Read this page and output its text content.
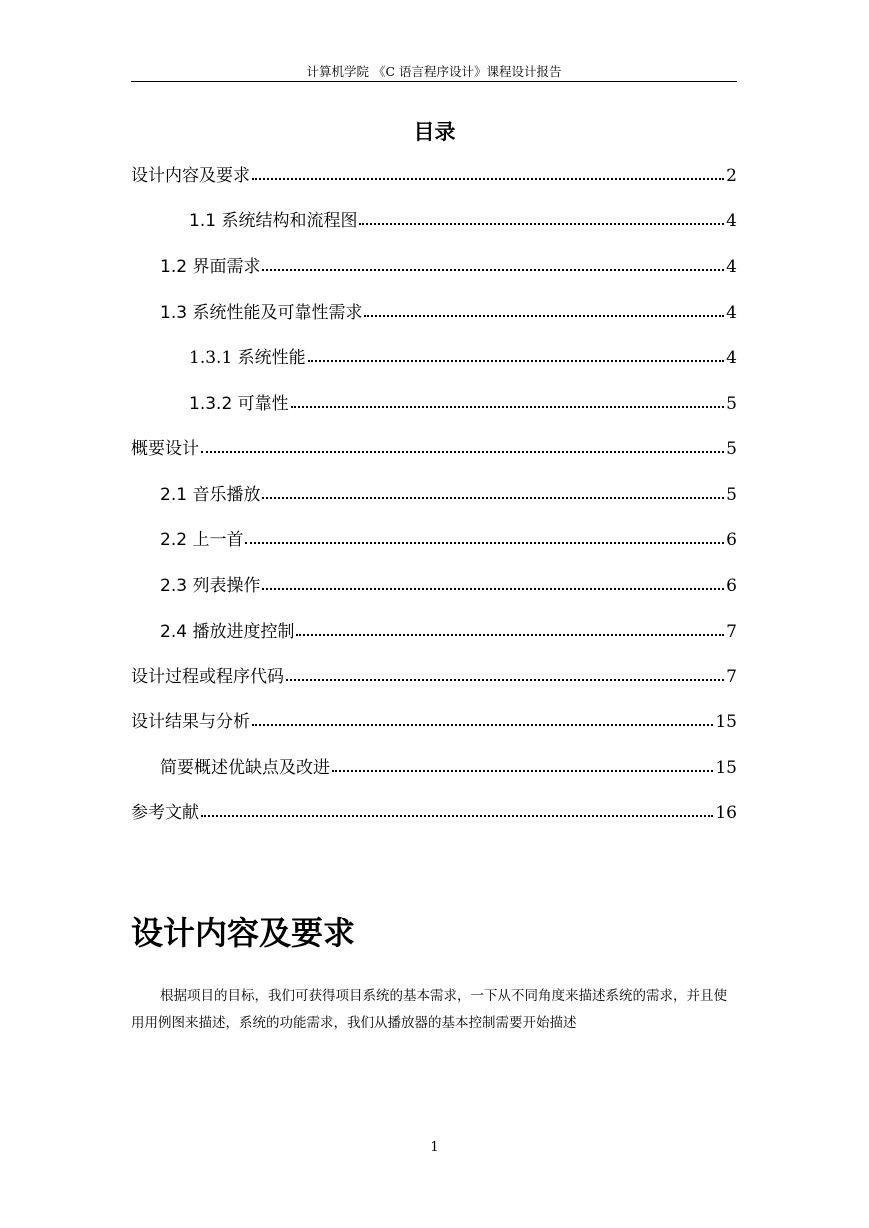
计算机学院 《C 语言程序设计》课程设计报告
目录
设计内容及要求	2
1.1 系统结构和流程图	4
1.2 界面需求	4
1.3 系统性能及可靠性需求	4
1.3.1 系统性能	4
1.3.2 可靠性	5
概要设计	5
2.1 音乐播放	5
2.2 上一首	6
2.3 列表操作	6
2.4 播放进度控制	7
设计过程或程序代码	7
设计结果与分析	15
简要概述优缺点及改进	15
参考文献	16
设计内容及要求
根据项目的目标，我们可获得项目系统的基本需求，一下从不同角度来描述系统的需求，并且使用用例图来描述，系统的功能需求，我们从播放器的基本控制需要开始描述
1
